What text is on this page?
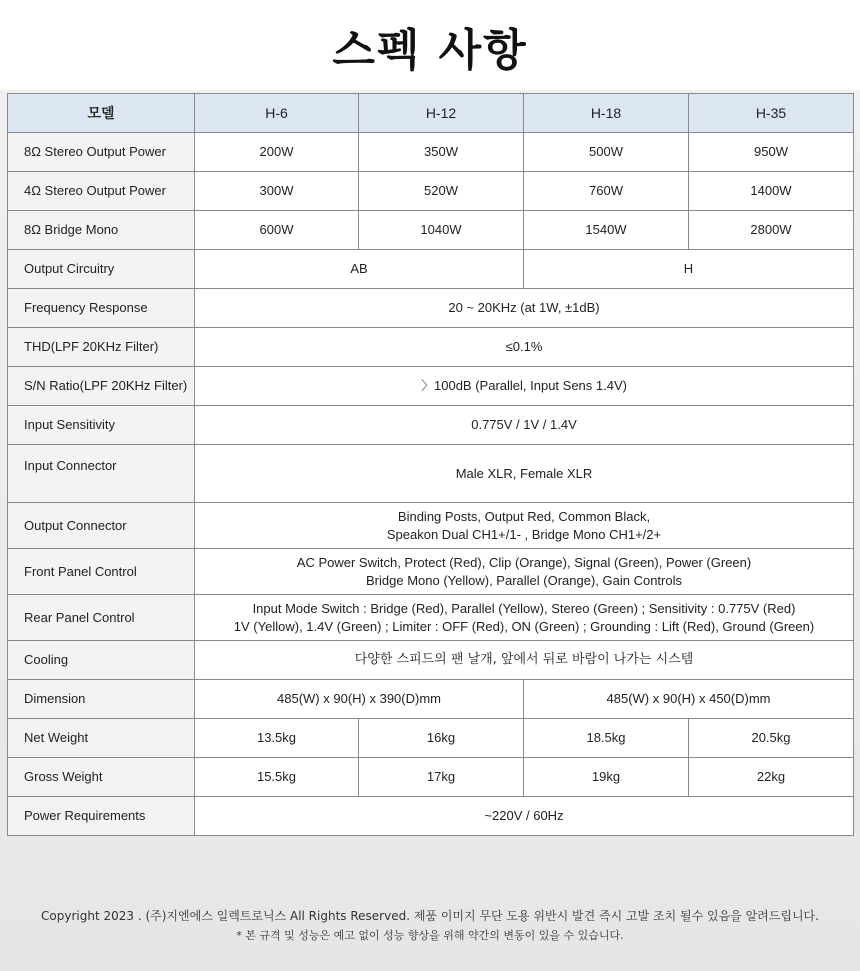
스펙 사항
모델	H-6	H-12	H-18	H-35
8Ω Stereo Output Power	200W	350W	500W	950W
4Ω Stereo Output Power	300W	520W	760W	1400W
8Ω Bridge Mono	600W	1040W	1540W	2800W
Output Circuitry	AB		H	
Frequency Response	20 ~ 20KHz (at 1W, ±1dB)			
THD(LPF 20KHz Filter)	≤0.1%			
S/N Ratio(LPF 20KHz Filter)	〉100dB (Parallel, Input Sens 1.4V)			
Input Sensitivity	0.775V / 1V / 1.4V			
Input Connector	Male XLR, Female XLR			
Output Connector	Binding Posts, Output Red, Common Black,
Speakon Dual CH1+/1- , Bridge Mono CH1+/2+			

Front Panel Control	AC Power Switch, Protect (Red), Clip (Orange), Signal (Green), Power (Green)
Bridge Mono (Yellow), Parallel (Orange), Gain Controls			

Rear Panel Control	Input Mode Switch : Bridge (Red), Parallel (Yellow), Stereo (Green) ; Sensitivity : 0.775V (Red)
1V (Yellow), 1.4V (Green) ; Limiter : OFF (Red), ON (Green) ; Grounding : Lift (Red), Ground (Green)			

Cooling	다양한 스피드의 팬 날개, 앞에서 뒤로 바람이 나가는 시스템			
Dimension	485(W) x 90(H) x 390(D)mm		485(W) x 90(H) x 450(D)mm	
Net Weight	13.5kg	16kg	18.5kg	20.5kg
Gross Weight	15.5kg	17kg	19kg	22kg
Power Requirements	~220V / 60Hz			
Copyright 2023 . (주)지엔에스 일렉트로닉스 All Rights Reserved. 제품 이미지 무단 도용 위반시 발견 즉시 고발 조치 될수 있음을 알려드립니다.
* 본 규격 및 성능은 예고 없이 성능 향상을 위해 약간의 변동이 있을 수 있습니다.
